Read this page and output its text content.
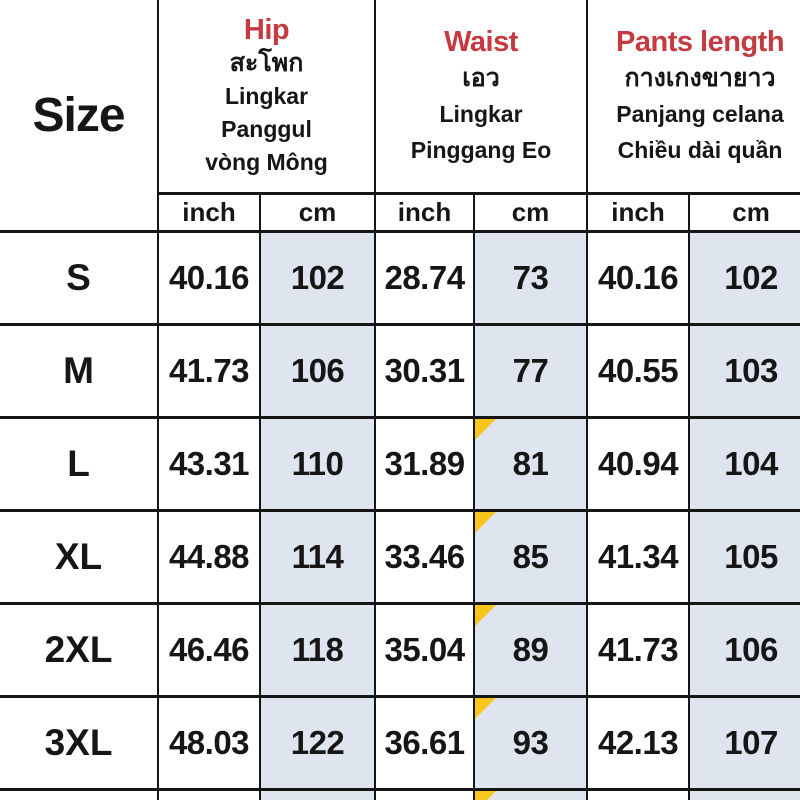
Size	
Hip
สะโพก
Lingkar
Panggul
vòng Mông

Waist
เอว
Lingkar
Pinggang Eo

Pants length
กางเกงขายาว
Panjang celana
Chiều dài quần

	inch	cm	inch	cm	inch	cm
S	40.16	102	28.74	73	40.16	102
M	41.73	106	30.31	77	40.55	103
L	43.31	110	31.89	81	40.94	104
XL	44.88	114	33.46	85	41.34	105
2XL	46.46	118	35.04	89	41.73	106
3XL	48.03	122	36.61	93	42.13	107
